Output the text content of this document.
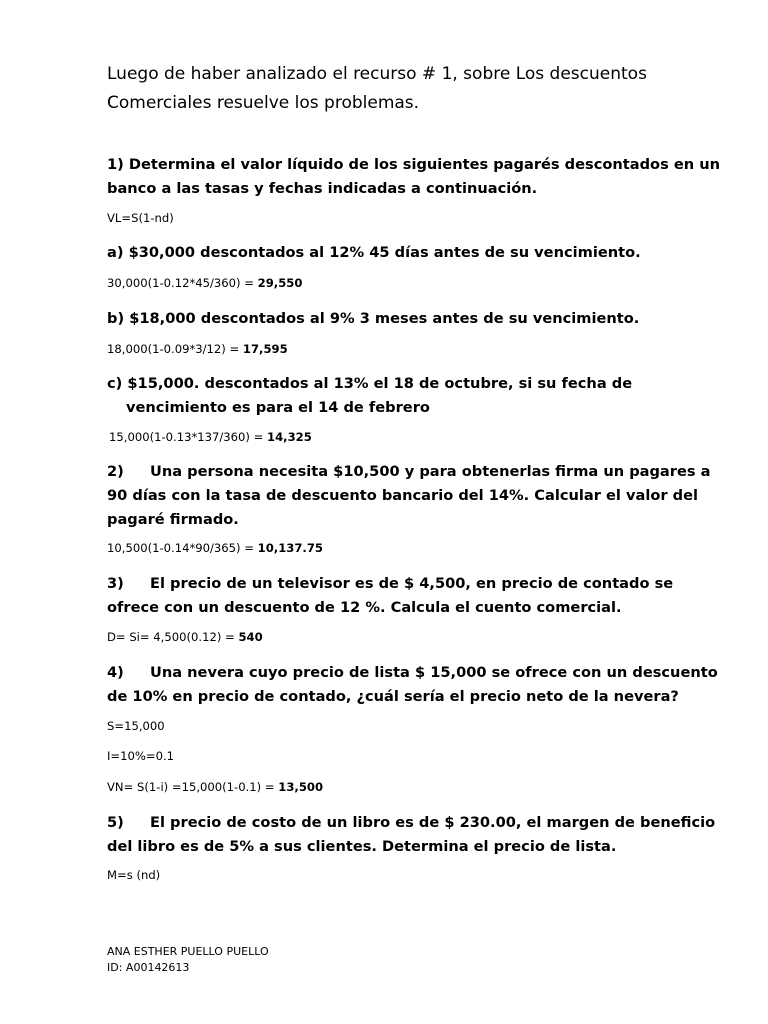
Luego de haber analizado el recurso # 1, sobre Los descuentos
Comerciales resuelve los problemas.
1) Determina el valor líquido de los siguientes pagarés descontados en un
banco a las tasas y fechas indicadas a continuación.
VL=S(1-nd)
a) $30,000 descontados al 12% 45 días antes de su vencimiento.
30,000(1-0.12*45/360) = 29,550
b) $18,000 descontados al 9% 3 meses antes de su vencimiento.
18,000(1-0.09*3/12) = 17,595
c) $15,000. descontados al 13% el 18 de octubre, si su fecha de
vencimiento es para el 14 de febrero
15,000(1-0.13*137/360) = 14,325
2) Una persona necesita $10,500 y para obtenerlas firma un pagares a
90 días con la tasa de descuento bancario del 14%. Calcular el valor del
pagaré firmado.
10,500(1-0.14*90/365) = 10,137.75
3) El precio de un televisor es de $ 4,500, en precio de contado se
ofrece con un descuento de 12 %. Calcula el cuento comercial.
D= Si= 4,500(0.12) = 540
4) Una nevera cuyo precio de lista $ 15,000 se ofrece con un descuento
de 10% en precio de contado, ¿cuál sería el precio neto de la nevera?
S=15,000
I=10%=0.1
VN= S(1-i) =15,000(1-0.1) = 13,500
5) El precio de costo de un libro es de $ 230.00, el margen de beneficio
del libro es de 5% a sus clientes. Determina el precio de lista.
M=s (nd)
ANA ESTHER PUELLO PUELLO
ID: A00142613
